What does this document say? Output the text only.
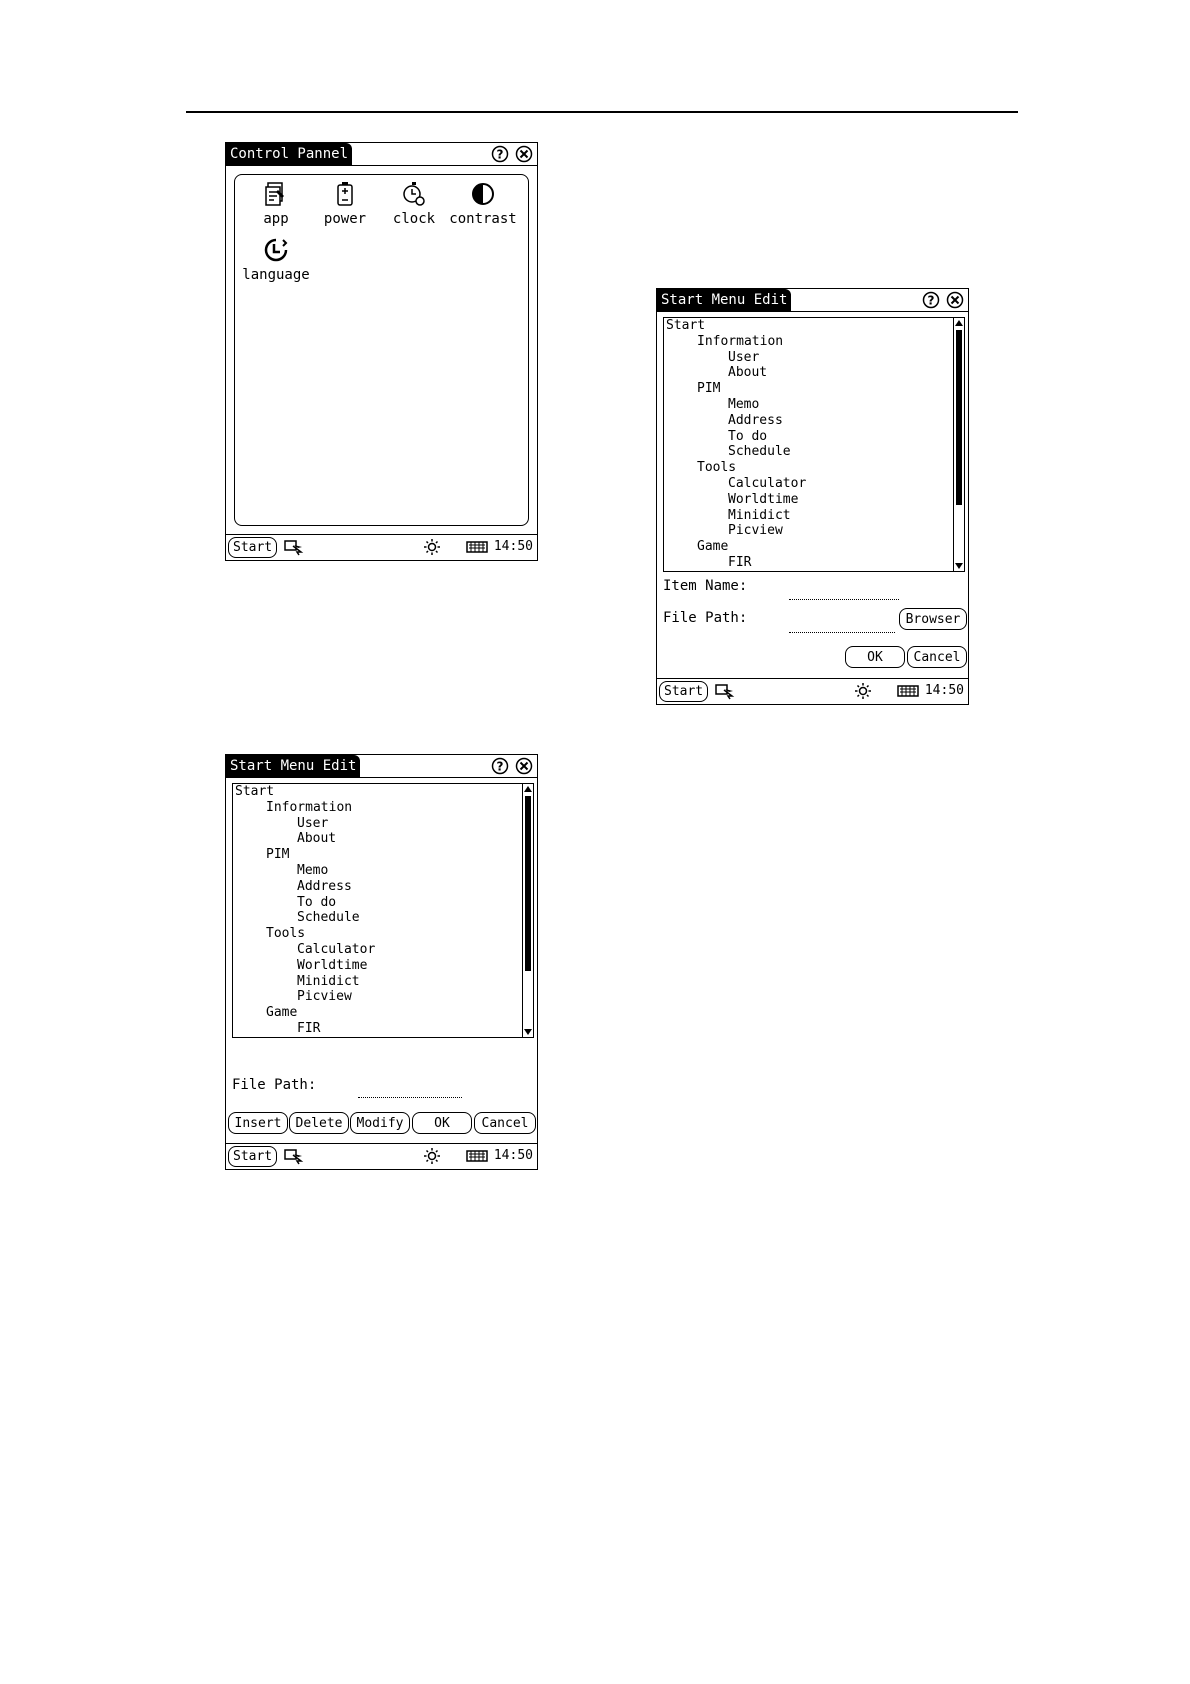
Control Pannel	?
app	power	clock	contrast
language
Start	14:50
Start Menu Edit	?
Start
Information
User
About
PIM
Memo
Address
To do
Schedule
Tools
Calculator
Worldtime
Minidict
Picview
Game
FIR
Item Name:
File Path:	Browser
OK	Cancel
Start	14:50
Start Menu Edit	?
Start
Information
User
About
PIM
Memo
Address
To do
Schedule
Tools
Calculator
Worldtime
Minidict
Picview
Game
FIR
File Path:
Insert	Delete	Modify	OK	Cancel
Start	14:50
